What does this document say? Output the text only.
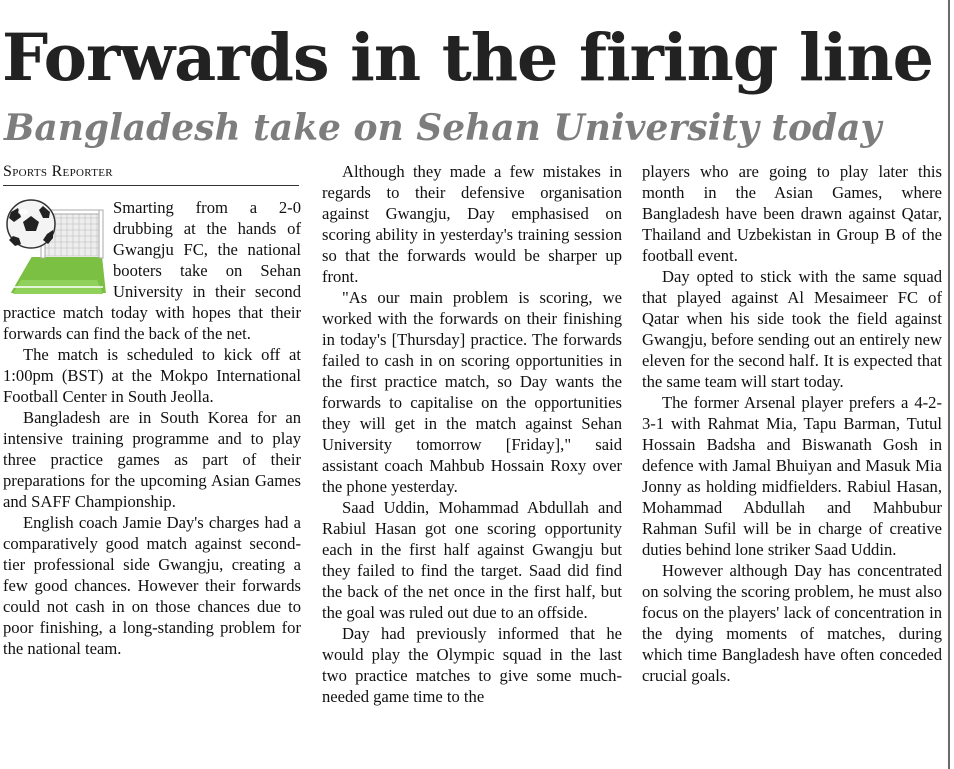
Forwards in the firing line
Bangladesh take on Sehan University today
Sports Reporter

Smarting from a 2-0 drubbing at the hands of Gwangju FC, the national booters take on Sehan University in their second practice match today with hopes that their forwards can find the back of the net.

The match is scheduled to kick off at 1:00pm (BST) at the Mokpo International Football Center in South Jeolla.

Bangladesh are in South Korea for an intensive training programme and to play three practice games as part of their preparations for the upcoming Asian Games and SAFF Championship.

English coach Jamie Day's charges had a comparatively good match against second-tier professional side Gwangju, creating a few good chances. However their forwards could not cash in on those chances due to poor finishing, a long-standing problem for the national team.

Although they made a few mistakes in regards to their defensive organisation against Gwangju, Day emphasised on scoring ability in yesterday's training session so that the forwards would be sharper up front.

"As our main problem is scoring, we worked with the forwards on their finishing in today's [Thursday] practice. The forwards failed to cash in on scoring opportunities in the first practice match, so Day wants the forwards to capitalise on the opportunities they will get in the match against Sehan University tomorrow [Friday]," said assistant coach Mahbub Hossain Roxy over the phone yesterday.

Saad Uddin, Mohammad Abdullah and Rabiul Hasan got one scoring opportunity each in the first half against Gwangju but they failed to find the target. Saad did find the back of the net once in the first half, but the goal was ruled out due to an offside.

Day had previously informed that he would play the Olympic squad in the last two practice matches to give some much-needed game time to the

players who are going to play later this month in the Asian Games, where Bangladesh have been drawn against Qatar, Thailand and Uzbekistan in Group B of the football event.

Day opted to stick with the same squad that played against Al Mesaimeer FC of Qatar when his side took the field against Gwangju, before sending out an entirely new eleven for the second half. It is expected that the same team will start today.

The former Arsenal player prefers a 4-2-3-1 with Rahmat Mia, Tapu Barman, Tutul Hossain Badsha and Biswanath Gosh in defence with Jamal Bhuiyan and Masuk Mia Jonny as holding midfielders. Rabiul Hasan, Mohammad Abdullah and Mahbubur Rahman Sufil will be in charge of creative duties behind lone striker Saad Uddin.

However although Day has concentrated on solving the scoring problem, he must also focus on the players' lack of concentration in the dying moments of matches, during which time Bangladesh have often conceded crucial goals.
